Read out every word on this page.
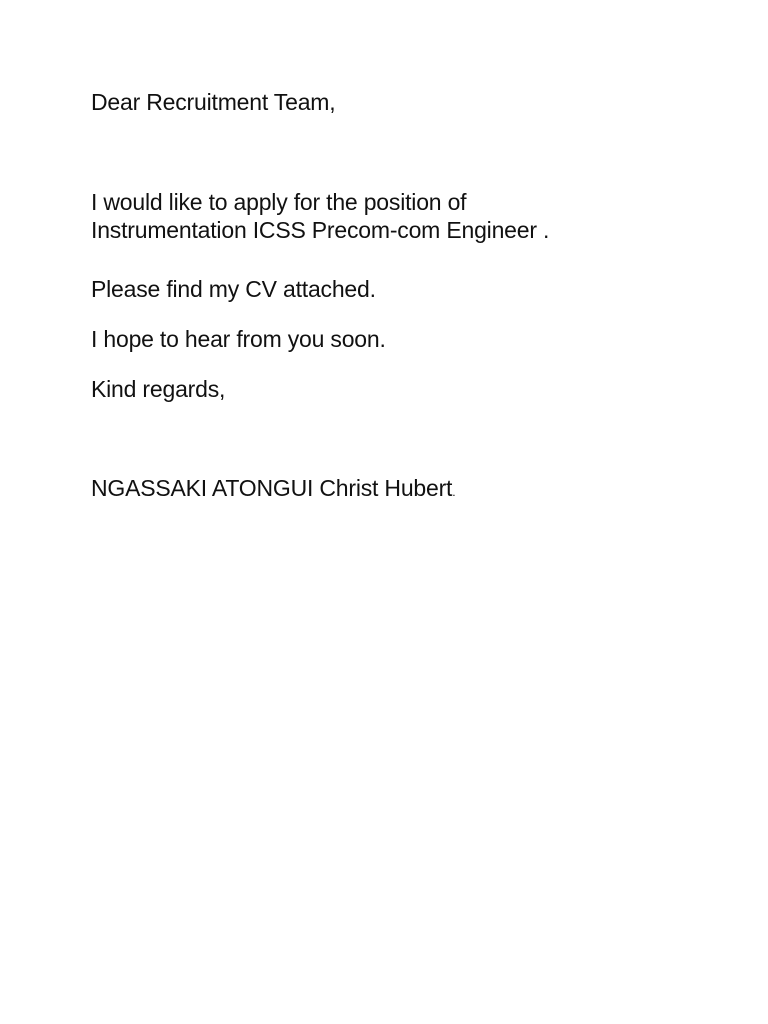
Dear Recruitment Team,
I would like to apply for the position of

Instrumentation ICSS Precom-com Engineer .
Please find my CV attached.
I hope to hear from you soon.
Kind regards,
NGASSAKI ATONGUI Christ Hubert.
